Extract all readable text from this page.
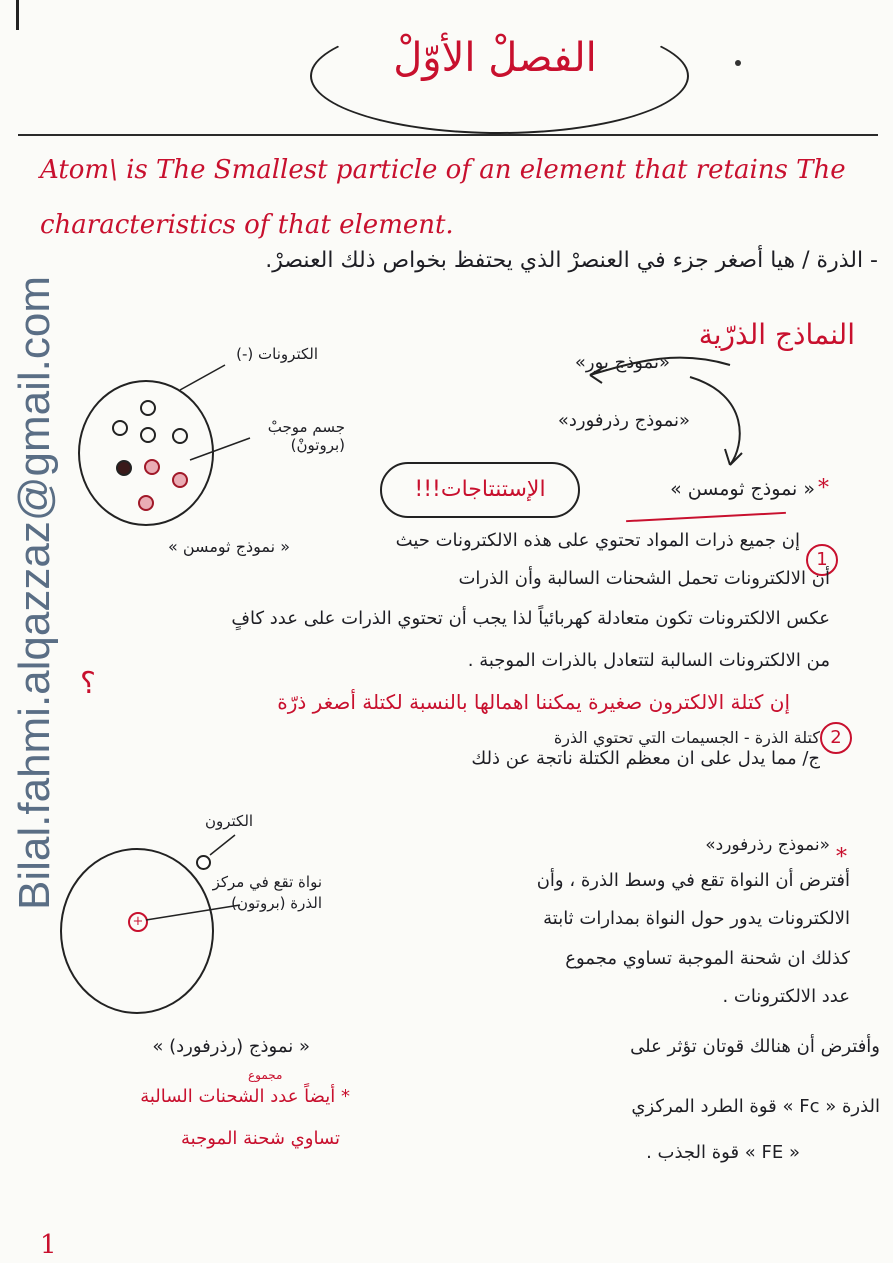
الفصلْ الأوّلْ
Bilal.fahmi.alqazzaz@gmail.com
Atom\ is The Smallest particle of an element that retains The
characteristics of that element.
- الذرة / هيا أصغر جزء في العنصرْ الذي يحتفظ بخواص ذلك العنصرْ.
النماذج الذرّية
«نموذج بور»
«نموذج رذرفورد»
« نموذج ثومسن » *
الإستنتاجات!!!
الكترونات (-)
جسم موجبْ (بروتونْ)
« نموذج ثومسن »
1
إن جميع ذرات المواد تحتوي على هذه الالكترونات حيث
أن الالكترونات تحمل الشحنات السالبة وأن الذرات
عكس الالكترونات تكون متعادلة كهربائياً لذا يجب أن تحتوي الذرات على عدد كافٍ
من الالكترونات السالبة لتتعادل بالذرات الموجبة .
؟
2
إن كتلة الالكترون صغيرة يمكننا اهمالها بالنسبة لكتلة أصغر ذرّة
كتلة الذرة - الجسيمات التي تحتوي الذرة
ج/ مما يدل على ان معظم الكتلة ناتجة عن ذلك
+
الكترون
نواة تقع في مركز الذرة (بروتون)
« نموذج (رذرفورد) »
مجموع
* أيضاً عدد الشحنات السالبة
تساوي شحنة الموجبة
*
«نموذج رذرفورد»
أفترض أن النواة تقع في وسط الذرة ، وأن
الالكترونات يدور حول النواة بمدارات ثابتة
كذلك ان شحنة الموجبة تساوي مجموع
عدد الالكترونات .
وأفترض أن هنالك قوتان تؤثر على
الذرة « Fc » قوة الطرد المركزي
« FE » قوة الجذب .
1
